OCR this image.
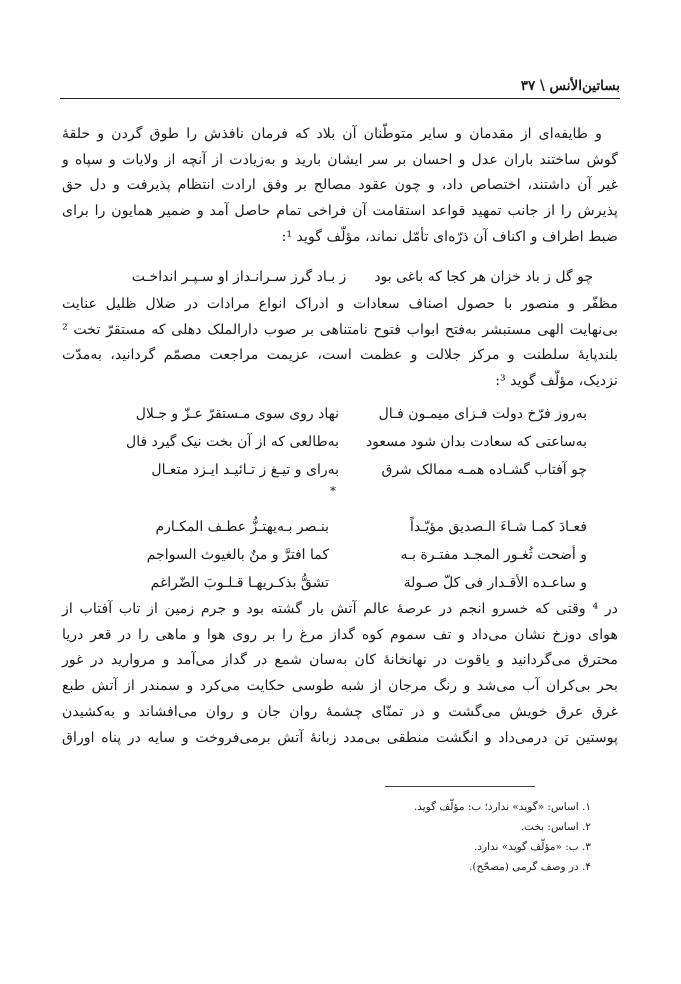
بساتین‌الأنس \ ۳۷
و طایفه‌ای از مقدمان و سایر متوطّنان آن بلاد که فرمان نافذش را طوق گردن و حلقهٔ
گوش ساختند باران عدل و احسان بر سر ایشان بارید و به‌زیادت از آنچه از ولایات و سپاه و
غیر آن داشتند، اختصاص داد، و چون عقود مصالح بر وفق ارادت انتظام پذیرفت و دل حق
پذیرش را از جانب تمهید قواعد استقامت آن فراخی تمام حاصل آمد و ضمیر همایون را برای
ضبط اطراف و اکناف آن ذرّه‌ای تأمّل نماند، مؤلّف گوید ¹:
چو گل ز باد خزان هر کجا که باغی بود
ز بـاد گرز سـرانـداز او سـپـر انداخـت
مظفّر و منصور با حصول اصناف سعادات و ادراک انواع مرادات در ضلال ظلیل عنایت
بی‌نهایت الهی مستبشر به‌فتح ابواب فتوح نامتناهی بر صوب دارالملک دهلی که مستقرّ تخت ²
بلندپایهٔ سلطنت و مرکز جلالت و عظمت است، عزیمت مراجعت مصمّم گردانید، به‌مدّت
نزدیک، مؤلّف گوید ³:
به‌روز فرّخ دولت فـزای میمـون فـال
نهاد روی سوی مـستقرّ عـزّ و جـلال
به‌ساعتی که سعادت بدان شود مسعود
به‌طالعی که از آن بخت نیک گیرد فال
چو آفتاب گشـاده همـه ممالک شرق
به‌رای و تیـغ ز تـائیـد ایـزد متعـال
*
فعـادَ کمـا شـاءَ الـصدیق مؤیّـداً
بنـصر بـه‌یهتـزُّ عطـف المکـارم
و أضحت ثُغـور المجـد مفتـرة بـه
کما افترَّ و منٌ بالغیوث السواجم
و ساعـده الأقـدار فی کلّ صـولة
تشقُّ بذکـریهـا قـلـوبَ الضّراغم
در ⁴ وقتی که خسرو انجم در عرصهٔ عالم آتش بار گشته بود و جرم زمین از تاب آفتاب از
هوای دوزخ نشان می‌داد و تف سموم کوه گداز مرغ را بر روی هوا و ماهی را در قعر دریا
محترق می‌گردانید و یاقوت در نهانخانهٔ کان به‌سان شمع در گداز می‌آمد و مروارید در غور
بحر بی‌کران آب می‌شد و رنگ مرجان از شبه طوسی حکایت می‌کرد و سمندر از آتش طبع
غرق عرق خویش می‌گشت و در تمنّای چشمهٔ روان جان و روان می‌افشاند و به‌کشیدن
پوستین تن درمی‌داد و انگشت منطقی بی‌مدد زبانهٔ آتش برمی‌فروخت و سایه در پناه اوراق
۱. اساس: «گوید» ندارد؛ ب: مؤلّف گوید.
۲. اساس: بخت.
۳. ب: «مؤلّف گوید» ندارد.
۴. در وصف گرمی (مصحّح).
